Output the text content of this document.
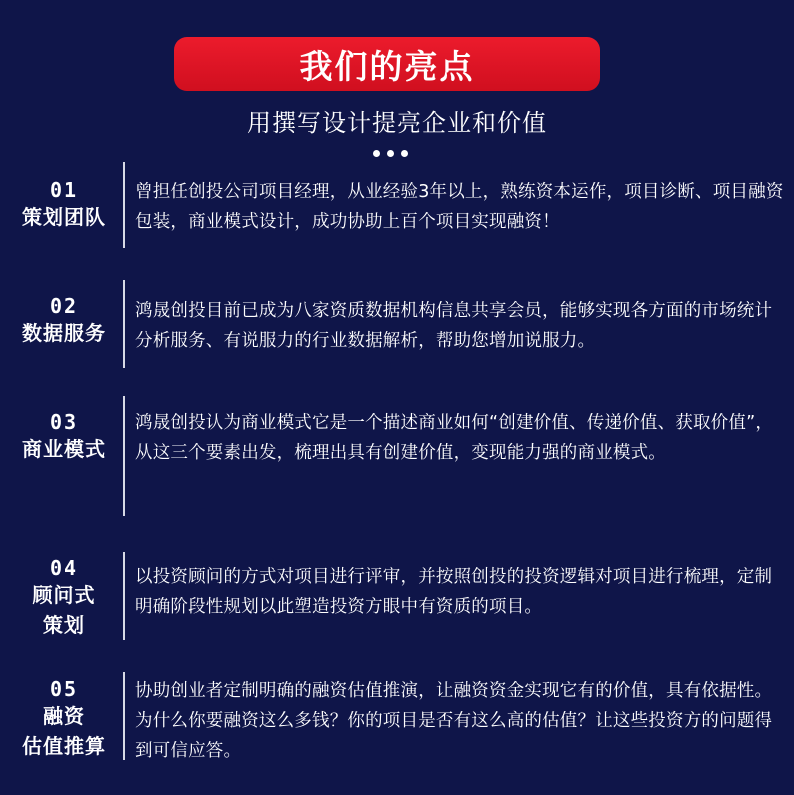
我们的亮点
用撰写设计提亮企业和价值
01
策划团队
曾担任创投公司项目经理，从业经验3年以上，熟练资本运作，项目诊断、项目融资包装，商业模式设计，成功协助上百个项目实现融资！
02
数据服务
鸿晟创投目前已成为八家资质数据机构信息共享会员，能够实现各方面的市场统计分析服务、有说服力的行业数据解析，帮助您增加说服力。
03
商业模式
鸿晟创投认为商业模式它是一个描述商业如何“创建价值、传递价值、获取价值”，从这三个要素出发，梳理出具有创建价值，变现能力强的商业模式。
04
顾问式
策划
以投资顾问的方式对项目进行评审，并按照创投的投资逻辑对项目进行梳理，定制明确阶段性规划以此塑造投资方眼中有资质的项目。
05
融资
估值推算
协助创业者定制明确的融资估值推演，让融资资金实现它有的价值，具有依据性。为什么你要融资这么多钱？你的项目是否有这么高的估值？让这些投资方的问题得到可信应答。
